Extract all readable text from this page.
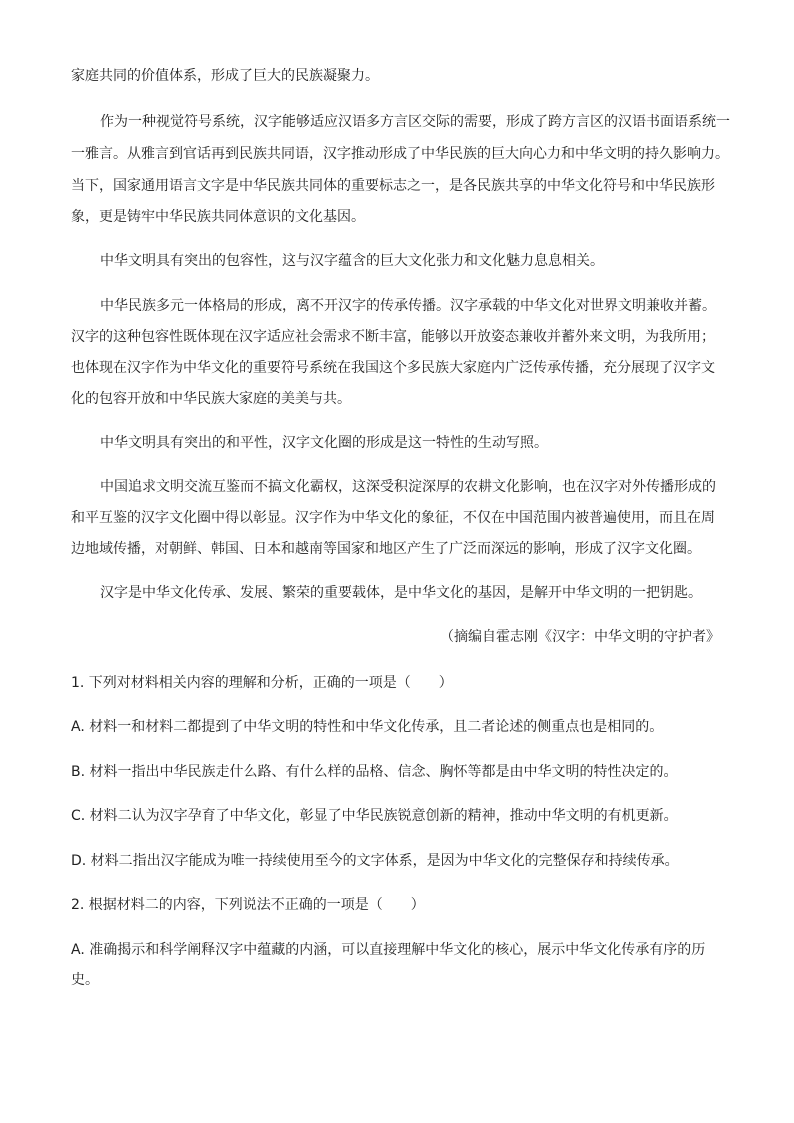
家庭共同的价值体系，形成了巨大的民族凝聚力。
作为一种视觉符号系统，汉字能够适应汉语多方言区交际的需要，形成了跨方言区的汉语书面语系统一
一雅言。从雅言到官话再到民族共同语，汉字推动形成了中华民族的巨大向心力和中华文明的持久影响力。
当下，国家通用语言文字是中华民族共同体的重要标志之一，是各民族共享的中华文化符号和中华民族形
象，更是铸牢中华民族共同体意识的文化基因。
中华文明具有突出的包容性，这与汉字蕴含的巨大文化张力和文化魅力息息相关。
中华民族多元一体格局的形成，离不开汉字的传承传播。汉字承载的中华文化对世界文明兼收并蓄。
汉字的这种包容性既体现在汉字适应社会需求不断丰富，能够以开放姿态兼收并蓄外来文明，为我所用；
也体现在汉字作为中华文化的重要符号系统在我国这个多民族大家庭内广泛传承传播，充分展现了汉字文
化的包容开放和中华民族大家庭的美美与共。
中华文明具有突出的和平性，汉字文化圈的形成是这一特性的生动写照。
中国追求文明交流互鉴而不搞文化霸权，这深受积淀深厚的农耕文化影响，也在汉字对外传播形成的
和平互鉴的汉字文化圈中得以彰显。汉字作为中华文化的象征，不仅在中国范围内被普遍使用，而且在周
边地域传播，对朝鲜、韩国、日本和越南等国家和地区产生了广泛而深远的影响，形成了汉字文化圈。
汉字是中华文化传承、发展、繁荣的重要载体，是中华文化的基因，是解开中华文明的一把钥匙。
（摘编自霍志刚《汉字：中华文明的守护者》
1. 下列对材料相关内容的理解和分析，正确的一项是（　　）
A. 材料一和材料二都提到了中华文明的特性和中华文化传承，且二者论述的侧重点也是相同的。
B. 材料一指出中华民族走什么路、有什么样的品格、信念、胸怀等都是由中华文明的特性决定的。
C. 材料二认为汉字孕育了中华文化，彰显了中华民族锐意创新的精神，推动中华文明的有机更新。
D. 材料二指出汉字能成为唯一持续使用至今的文字体系，是因为中华文化的完整保存和持续传承。
2. 根据材料二的内容，下列说法不正确的一项是（　　）
A. 准确揭示和科学阐释汉字中蕴藏的内涵，可以直接理解中华文化的核心，展示中华文化传承有序的历
史。
